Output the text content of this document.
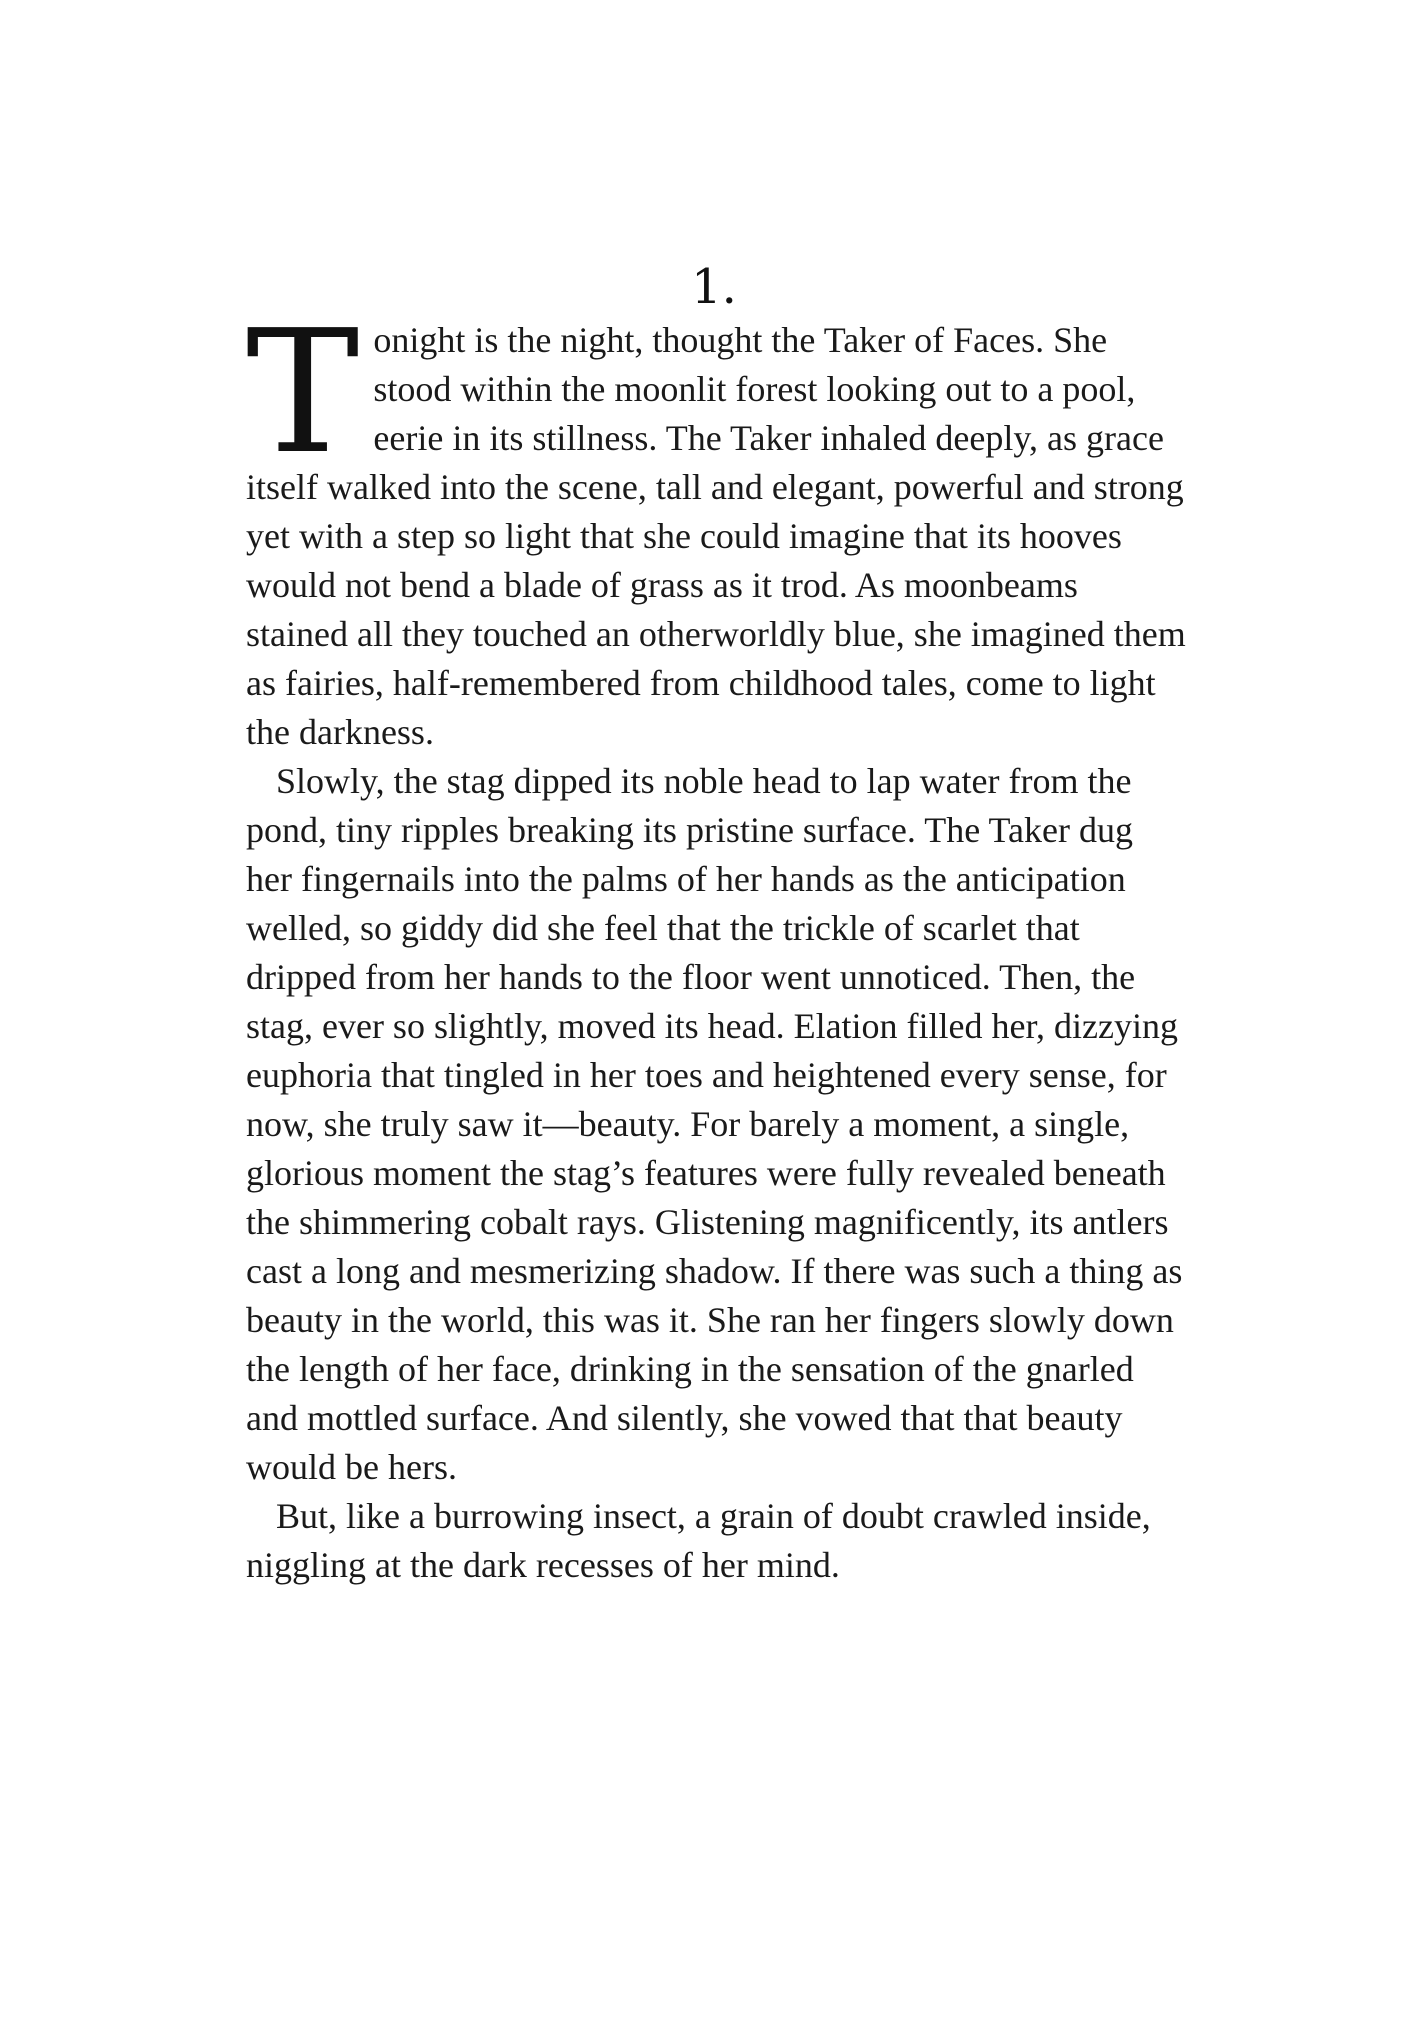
1.

Tonight is the night, thought the Taker of Faces. She stood within the moonlit forest looking out to a pool, eerie in its stillness. The Taker inhaled deeply, as grace itself walked into the scene, tall and elegant, powerful and strong yet with a step so light that she could imagine that its hooves would not bend a blade of grass as it trod. As moonbeams stained all they touched an otherworldly blue, she imagined them as fairies, half-remembered from childhood tales, come to light the darkness.

Slowly, the stag dipped its noble head to lap water from the pond, tiny ripples breaking its pristine surface. The Taker dug her fingernails into the palms of her hands as the anticipation welled, so giddy did she feel that the trickle of scarlet that dripped from her hands to the floor went unnoticed. Then, the stag, ever so slightly, moved its head. Elation filled her, dizzying euphoria that tingled in her toes and heightened every sense, for now, she truly saw it—beauty. For barely a moment, a single, glorious moment the stag’s features were fully revealed beneath the shimmering cobalt rays. Glistening magnificently, its antlers cast a long and mesmerizing shadow. If there was such a thing as beauty in the world, this was it. She ran her fingers slowly down the length of her face, drinking in the sensation of the gnarled and mottled surface. And silently, she vowed that that beauty would be hers.

But, like a burrowing insect, a grain of doubt crawled inside, niggling at the dark recesses of her mind.
